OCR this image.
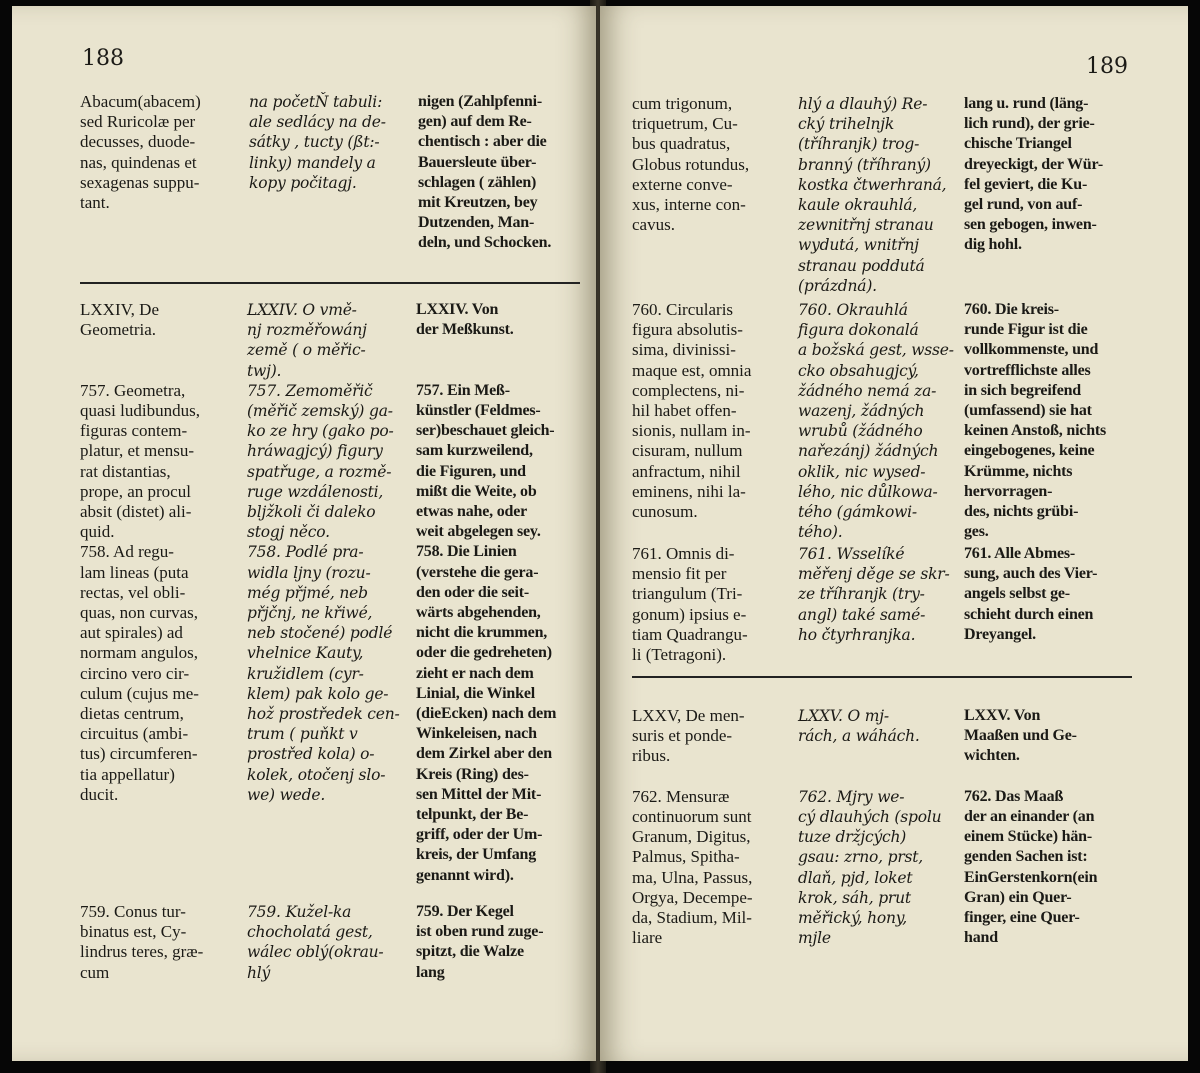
188

Abacum(abacem)

sed Ruricolæ per

decusses, duode-

nas, quindenas et

sexagenas suppu-

tant.

na početŇ tabuli:

ale sedlácy na de-

sátky , tucty (ßt:-

linky) mandely a

kopy počitagj.

nigen (Zahlpfenni-

gen) auf dem Re-

chentisch : aber die

Bauersleute über-

schlagen ( zählen)

mit Kreutzen, bey

Dutzenden, Man-

deln, und Schocken.

LXXIV, De

Geometria.

757. Geometra,

quasi ludibundus,

figuras contem-

platur, et mensu-

rat distantias,

prope, an procul

absit (distet) ali-

quid.

758. Ad regu-

lam lineas (puta

rectas, vel obli-

quas, non curvas,

aut spirales) ad

normam angulos,

circino vero cir-

culum (cujus me-

dietas centrum,

circuitus (ambi-

tus) circumferen-

tia appellatur)

ducit.

LXXIV. O vmě-

nj rozměřowánj

země ( o měřic-

twj).

757. Zemoměřič

(měřič zemský) ga-

ko ze hry (gako po-

hráwagjcý) figury

spatřuge, a rozmě-

ruge wzdálenosti,

bljžkoli či daleko

stogj něco.

758. Podlé pra-

widla ljny (rozu-

még přjmé, neb

přjčnj, ne křiwé,

neb stočené) podlé

vhelnice Kauty,

kružidlem (cyr-

klem) pak kolo ge-

hož prostředek cen-

trum ( puňkt v

prostřed kola) o-

kolek, otočenj slo-

we) wede.

LXXIV. Von

der Meßkunst.

757. Ein Meß-

künstler (Feldmes-

ser)beschauet gleich-

sam kurzweilend,

die Figuren, und

mißt die Weite, ob

etwas nahe, oder

weit abgelegen sey.

758. Die Linien

(verstehe die gera-

den oder die seit-

wärts abgehenden,

nicht die krummen,

oder die gedreheten)

zieht er nach dem

Linial, die Winkel

(dieEcken) nach dem

Winkeleisen, nach

dem Zirkel aber den

Kreis (Ring) des-

sen Mittel der Mit-

telpunkt, der Be-

griff, oder der Um-

kreis, der Umfang

genannt wird).

759. Conus tur-

binatus est, Cy-

lindrus teres, græ-

cum

759. Kužel-ka

chocholatá gest,

wálec oblý(okrau-

hlý

759. Der Kegel

ist oben rund zuge-

spitzt, die Walze

lang

189

cum trigonum,

triquetrum, Cu-

bus quadratus,

Globus rotundus,

externe conve-

xus, interne con-

cavus.

hlý a dlauhý) Re-

cký trihelnjk

(tříhranjk) trog-

branný (tříhraný)

kostka čtwerhraná,

kaule okrauhlá,

zewnitřnj stranau

wydutá, wnitřnj

stranau poddutá

(prázdná).

lang u. rund (läng-

lich rund), der grie-

chische Triangel

dreyeckigt, der Wür-

fel geviert, die Ku-

gel rund, von auf-

sen gebogen, inwen-

dig hohl.

760. Circularis

figura absolutis-

sima, divinissi-

maque est, omnia

complectens, ni-

hil habet offen-

sionis, nullam in-

cisuram, nullum

anfractum, nihil

eminens, nihi la-

cunosum.

760. Okrauhlá

figura dokonalá

a božská gest, wsse-

cko obsahugjcý,

žádného nemá za-

wazenj, žádných

wrubů (žádného

nařezánj) žádných

oklik, nic wysed-

lého, nic důlkowa-

tého (gámkowi-

tého).

760. Die kreis-

runde Figur ist die

vollkommenste, und

vortrefflichste alles

in sich begreifend

(umfassend) sie hat

keinen Anstoß, nichts

eingebogenes, keine

Krümme, nichts

hervorragen-

des, nichts grübi-

ges.

761. Omnis di-

mensio fit per

triangulum (Tri-

gonum) ipsius e-

tiam Quadrangu-

li (Tetragoni).

761. Wsselíké

měřenj děge se skr-

ze tříhranjk (try-

angl) také samé-

ho čtyrhranjka.

761. Alle Abmes-

sung, auch des Vier-

angels selbst ge-

schieht durch einen

Dreyangel.

LXXV, De men-

suris et ponde-

ribus.

762. Mensuræ

continuorum sunt

Granum, Digitus,

Palmus, Spitha-

ma, Ulna, Passus,

Orgya, Decempe-

da, Stadium, Mil-

liare

LXXV. O mj-

rách, a wáhách.

762. Mjry we-

cý dlauhých (spolu

tuze držjcých)

gsau: zrno, prst,

dlaň, pjd, loket

krok, sáh, prut

měřický, hony,

mjle

LXXV. Von

Maaßen und Ge-

wichten.

762. Das Maaß

der an einander (an

einem Stücke) hän-

genden Sachen ist:

EinGerstenkorn(ein

Gran) ein Quer-

finger, eine Quer-

hand
